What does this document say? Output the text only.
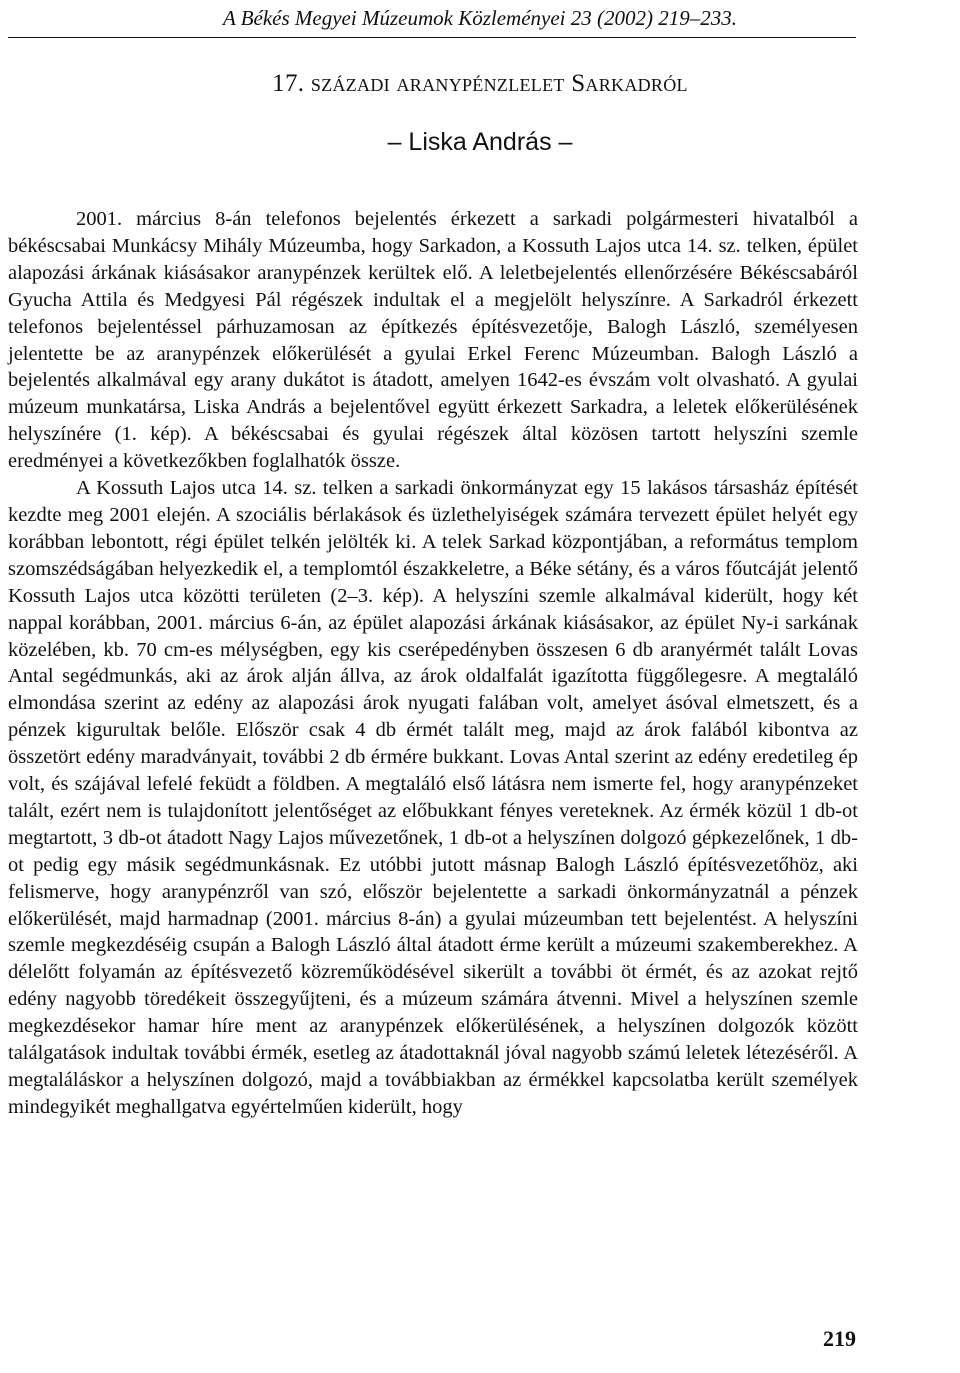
A Békés Megyei Múzeumok Közleményei 23 (2002) 219–233.
17. századi aranypénzlelet Sarkadról
– Liska András –

2001. március 8-án telefonos bejelentés érkezett a sarkadi polgármesteri hivatalból a békéscsabai Munkácsy Mihály Múzeumba, hogy Sarkadon, a Kossuth Lajos utca 14. sz. telken, épület alapozási árkának kiásásakor aranypénzek kerültek elő. A leletbejelentés ellenőrzésére Békéscsabáról Gyucha Attila és Medgyesi Pál régészek indultak el a megjelölt helyszínre. A Sarkadról érkezett telefonos bejelentéssel párhuzamosan az építkezés építésvezetője, Balogh László, személyesen jelentette be az aranypénzek előkerülését a gyulai Erkel Ferenc Múzeumban. Balogh László a bejelentés alkalmával egy arany dukátot is átadott, amelyen 1642-es évszám volt olvasható. A gyulai múzeum munkatársa, Liska András a bejelentővel együtt érkezett Sarkadra, a leletek előkerülésének helyszínére (1. kép). A békéscsabai és gyulai régészek által közösen tartott helyszíni szemle eredményei a következőkben foglalhatók össze.

A Kossuth Lajos utca 14. sz. telken a sarkadi önkormányzat egy 15 lakásos társasház építését kezdte meg 2001 elején. A szociális bérlakások és üzlethelyiségek számára tervezett épület helyét egy korábban lebontott, régi épület telkén jelölték ki. A telek Sarkad központjában, a református templom szomszédságában helyezkedik el, a templomtól északkeletre, a Béke sétány, és a város főutcáját jelentő Kossuth Lajos utca közötti területen (2–3. kép). A helyszíni szemle alkalmával kiderült, hogy két nappal korábban, 2001. március 6-án, az épület alapozási árkának kiásásakor, az épület Ny-i sarkának közelében, kb. 70 cm-es mélységben, egy kis cserépedényben összesen 6 db aranyérmét talált Lovas Antal segédmunkás, aki az árok alján állva, az árok oldalfalát igazította függőlegesre. A megtaláló elmondása szerint az edény az alapozási árok nyugati falában volt, amelyet ásóval elmetszett, és a pénzek kigurultak belőle. Először csak 4 db érmét talált meg, majd az árok falából kibontva az összetört edény maradványait, további 2 db érmére bukkant. Lovas Antal szerint az edény eredetileg ép volt, és szájával lefelé feküdt a földben. A megtaláló első látásra nem ismerte fel, hogy aranypénzeket talált, ezért nem is tulajdonított jelentőséget az előbukkant fényes vereteknek. Az érmék közül 1 db-ot megtartott, 3 db-ot átadott Nagy Lajos művezetőnek, 1 db-ot a helyszínen dolgozó gépkezelőnek, 1 db-ot pedig egy másik segédmunkásnak. Ez utóbbi jutott másnap Balogh László építésvezetőhöz, aki felismerve, hogy aranypénzről van szó, először bejelentette a sarkadi önkormányzatnál a pénzek előkerülését, majd harmadnap (2001. március 8-án) a gyulai múzeumban tett bejelentést. A helyszíni szemle megkezdéséig csupán a Balogh László által átadott érme került a múzeumi szakemberekhez. A délelőtt folyamán az építésvezető közreműködésével sikerült a további öt érmét, és az azokat rejtő edény nagyobb töredékeit összegyűjteni, és a múzeum számára átvenni. Mivel a helyszínen szemle megkezdésekor hamar híre ment az aranypénzek előkerülésének, a helyszínen dolgozók között találgatások indultak további érmék, esetleg az átadottaknál jóval nagyobb számú leletek létezéséről. A megtaláláskor a helyszínen dolgozó, majd a továbbiakban az érmékkel kapcsolatba került személyek mindegyikét meghallgatva egyértelműen kiderült, hogy

219
